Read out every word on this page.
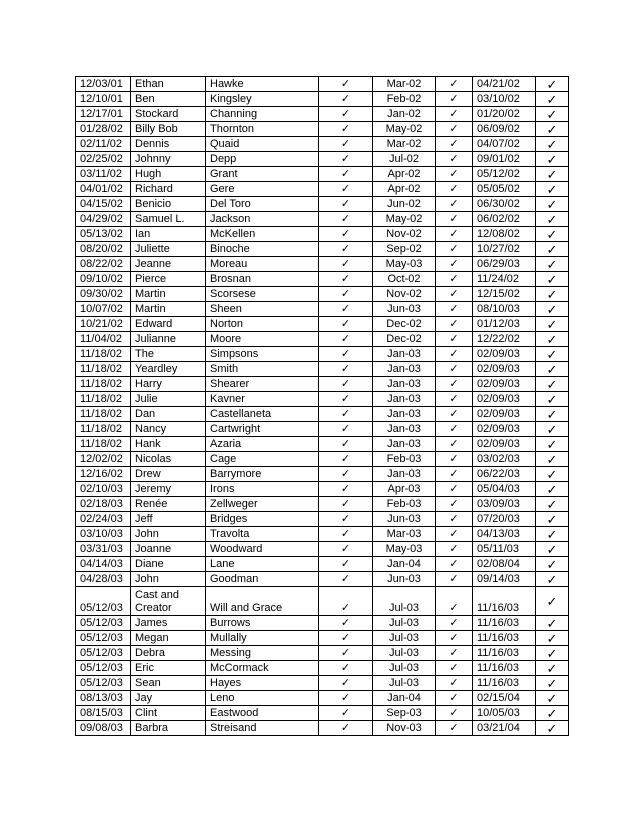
12/03/01	Ethan	Hawke	✓	Mar-02	✓	04/21/02	✓
12/10/01	Ben	Kingsley	✓	Feb-02	✓	03/10/02	✓
12/17/01	Stockard	Channing	✓	Jan-02	✓	01/20/02	✓
01/28/02	Billy Bob	Thornton	✓	May-02	✓	06/09/02	✓
02/11/02	Dennis	Quaid	✓	Mar-02	✓	04/07/02	✓
02/25/02	Johnny	Depp	✓	Jul-02	✓	09/01/02	✓
03/11/02	Hugh	Grant	✓	Apr-02	✓	05/12/02	✓
04/01/02	Richard	Gere	✓	Apr-02	✓	05/05/02	✓
04/15/02	Benicio	Del Toro	✓	Jun-02	✓	06/30/02	✓
04/29/02	Samuel L.	Jackson	✓	May-02	✓	06/02/02	✓
05/13/02	Ian	McKellen	✓	Nov-02	✓	12/08/02	✓
08/20/02	Juliette	Binoche	✓	Sep-02	✓	10/27/02	✓
08/22/02	Jeanne	Moreau	✓	May-03	✓	06/29/03	✓
09/10/02	Pierce	Brosnan	✓	Oct-02	✓	11/24/02	✓
09/30/02	Martin	Scorsese	✓	Nov-02	✓	12/15/02	✓
10/07/02	Martin	Sheen	✓	Jun-03	✓	08/10/03	✓
10/21/02	Edward	Norton	✓	Dec-02	✓	01/12/03	✓
11/04/02	Julianne	Moore	✓	Dec-02	✓	12/22/02	✓
11/18/02	The	Simpsons	✓	Jan-03	✓	02/09/03	✓
11/18/02	Yeardley	Smith	✓	Jan-03	✓	02/09/03	✓
11/18/02	Harry	Shearer	✓	Jan-03	✓	02/09/03	✓
11/18/02	Julie	Kavner	✓	Jan-03	✓	02/09/03	✓
11/18/02	Dan	Castellaneta	✓	Jan-03	✓	02/09/03	✓
11/18/02	Nancy	Cartwright	✓	Jan-03	✓	02/09/03	✓
11/18/02	Hank	Azaria	✓	Jan-03	✓	02/09/03	✓
12/02/02	Nicolas	Cage	✓	Feb-03	✓	03/02/03	✓
12/16/02	Drew	Barrymore	✓	Jan-03	✓	06/22/03	✓
02/10/03	Jeremy	Irons	✓	Apr-03	✓	05/04/03	✓
02/18/03	Renée	Zellweger	✓	Feb-03	✓	03/09/03	✓
02/24/03	Jeff	Bridges	✓	Jun-03	✓	07/20/03	✓
03/10/03	John	Travolta	✓	Mar-03	✓	04/13/03	✓
03/31/03	Joanne	Woodward	✓	May-03	✓	05/11/03	✓
04/14/03	Diane	Lane	✓	Jan-04	✓	02/08/04	✓
04/28/03	John	Goodman	✓	Jun-03	✓	09/14/03	✓
05/12/03	Cast and Creator	Will and Grace	✓	Jul-03	✓	11/16/03	✓
05/12/03	James	Burrows	✓	Jul-03	✓	11/16/03	✓
05/12/03	Megan	Mullally	✓	Jul-03	✓	11/16/03	✓
05/12/03	Debra	Messing	✓	Jul-03	✓	11/16/03	✓
05/12/03	Eric	McCormack	✓	Jul-03	✓	11/16/03	✓
05/12/03	Sean	Hayes	✓	Jul-03	✓	11/16/03	✓
08/13/03	Jay	Leno	✓	Jan-04	✓	02/15/04	✓
08/15/03	Clint	Eastwood	✓	Sep-03	✓	10/05/03	✓
09/08/03	Barbra	Streisand	✓	Nov-03	✓	03/21/04	✓
